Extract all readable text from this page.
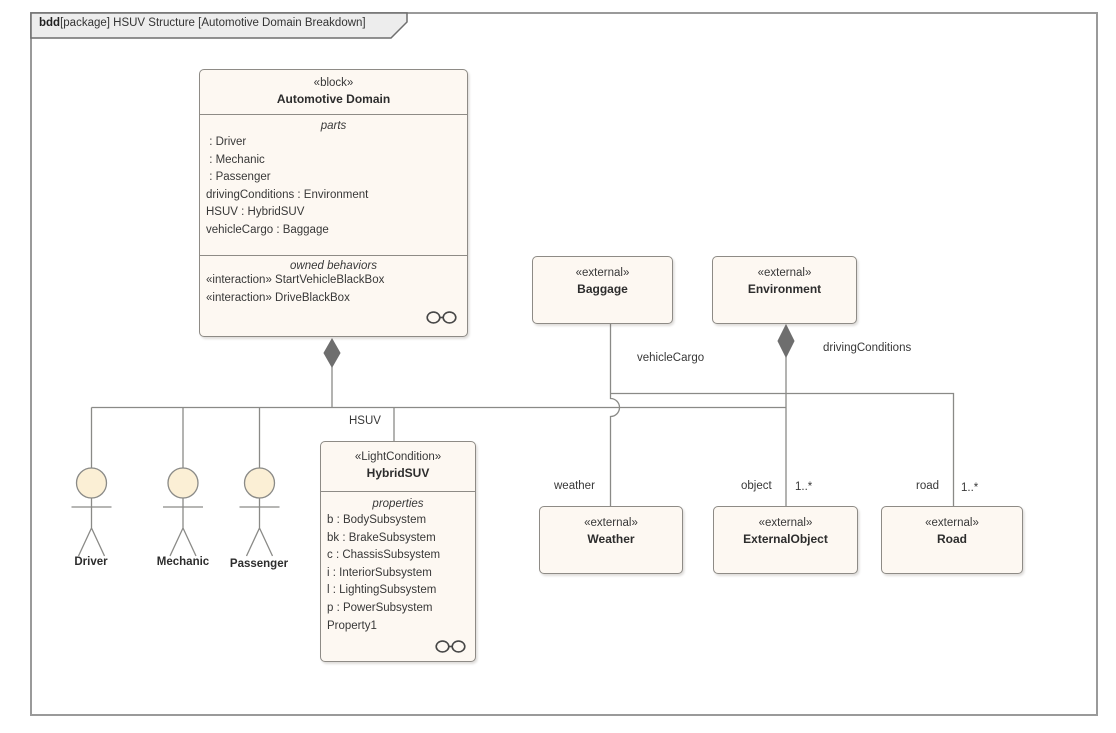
bdd[package] HSUV Structure [Automotive Domain Breakdown]
«block»
Automotive Domain
parts
: Driver
: Mechanic
: Passenger
drivingConditions : Environment
HSUV : HybridSUV
vehicleCargo : Baggage
owned behaviors
«interaction» StartVehicleBlackBox
«interaction» DriveBlackBox
«external»
Baggage
«external»
Environment
«LightCondition»
HybridSUV
properties
b : BodySubsystem
bk : BrakeSubsystem
c : ChassisSubsystem
i : InteriorSubsystem
l : LightingSubsystem
p : PowerSubsystem
Property1
«external»
Weather
«external»
ExternalObject
«external»
Road
Driver	Mechanic	Passenger
HSUV
vehicleCargo
drivingConditions
weather	object 1..*	road 1..*
